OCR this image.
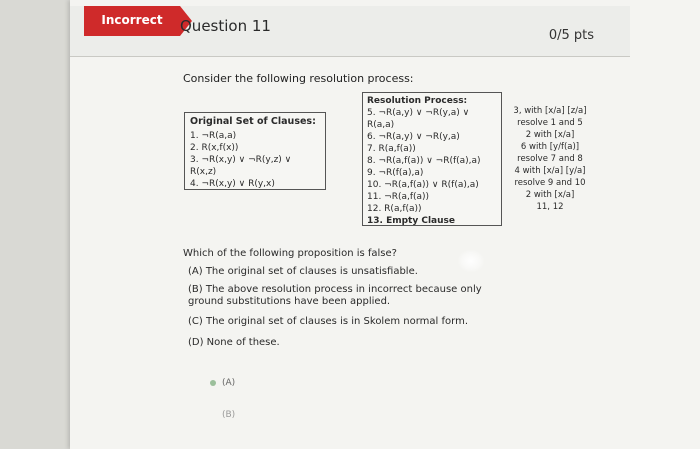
Incorrect	Question 11
0/5 pts
Consider the following resolution process:
Original Set of Clauses:
1. ¬R(a,a)
2. R(x,f(x))
3. ¬R(x,y) ∨ ¬R(y,z) ∨ R(x,z)
4. ¬R(x,y) ∨ R(y,x)
Resolution Process:
5. ¬R(a,y) ∨ ¬R(y,a) ∨ R(a,a)
6. ¬R(a,y) ∨ ¬R(y,a)
7. R(a,f(a))
8. ¬R(a,f(a)) ∨ ¬R(f(a),a)
9. ¬R(f(a),a)
10. ¬R(a,f(a)) ∨ R(f(a),a)
11. ¬R(a,f(a))
12. R(a,f(a))
13. Empty Clause
3, with [x/a] [z/a]
resolve 1 and 5
2 with [x/a]
6 with [y/f(a)]
resolve 7 and 8
4 with [x/a] [y/a]
resolve 9 and 10
2 with [x/a]
11, 12
Which of the following proposition is false?
(A) The original set of clauses is unsatisfiable.
(B) The above resolution process in incorrect because only ground substitutions have been applied.
(C) The original set of clauses is in Skolem normal form.
(D) None of these.
(A)
(B)
